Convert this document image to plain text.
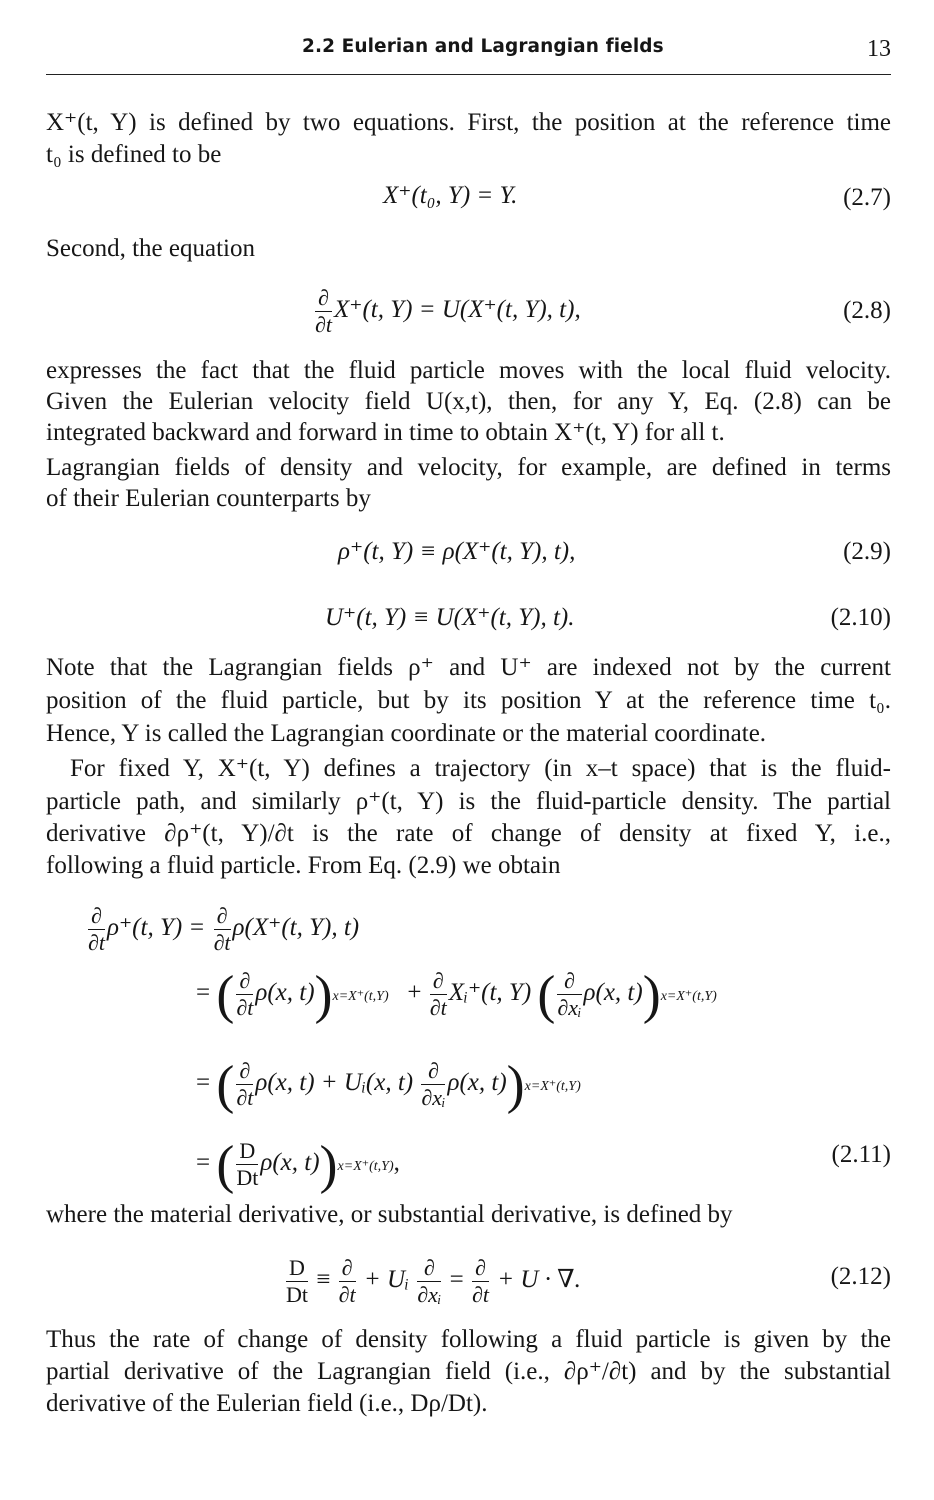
2.2 Eulerian and Lagrangian fields	13
X⁺(t, Y) is defined by two equations. First, the position at the reference time
t₀ is defined to be
X⁺(t₀, Y) = Y.	(2.7)
Second, the equation
$\frac{\partial}{\partial t} X^+(t$, Y) = U(X⁺(t, Y), t),	(2.8)
expresses the fact that the fluid particle moves with the local fluid velocity.
Given the Eulerian velocity field U(x,t), then, for any Y, Eq. (2.8) can be
integrated backward and forward in time to obtain X⁺(t, Y) for all t.
Lagrangian fields of density and velocity, for example, are defined in terms
of their Eulerian counterparts by
ρ⁺(t, Y) ≡ ρ(X⁺(t, Y), t),	(2.9)
U⁺(t, Y) ≡ U(X⁺(t, Y), t).	(2.10)
Note that the Lagrangian fields ρ⁺ and U⁺ are indexed not by the current
position of the fluid particle, but by its position Y at the reference time t₀.
Hence, Y is called the Lagrangian coordinate or the material coordinate.
For fixed Y, X⁺(t, Y) defines a trajectory (in x–t space) that is the fluid-
particle path, and similarly ρ⁺(t, Y) is the fluid-particle density. The partial
derivative ∂ρ⁺(t, Y)/∂t is the rate of change of density at fixed Y, i.e.,
following a fluid particle. From Eq. (2.9) we obtain
$\frac{\partial}{\partial t} \rho^+(t$, $Y) = \frac{\partial}{\partial t} \rho(X^+(t$, Y), t)
= ( $\frac{\partial}{\partial t} \rho(x$, $t))x=X^+(t,Y) + \frac{\partial}{\partial t}$ Xᵢ⁺(t, Y) ( $\frac{\partial}{\text{∂xᵢ}} \rho(x$, t))x=X⁺(t,Y)
= ( $\frac{\partial}{\partial t} \rho(x$, t) + Uᵢ(x, $t) \frac{\partial}{\text{∂xᵢ}} \rho(x$, t))x=X⁺(t,Y)
= ( $\frac{D}{Dt} \rho(x$, t))x=X⁺(t,Y),	(2.11)
where the material derivative, or substantial derivative, is defined by
$\frac{D}{Dt} \equiv \frac{\partial}{\partial t}$ + Uᵢ $\frac{\partial}{\text{∂xᵢ}} = \frac{\partial}{\partial t} + U$ · ∇.	(2.12)
Thus the rate of change of density following a fluid particle is given by the
partial derivative of the Lagrangian field (i.e., ∂ρ⁺/∂t) and by the substantial
derivative of the Eulerian field (i.e., Dρ/Dt).
